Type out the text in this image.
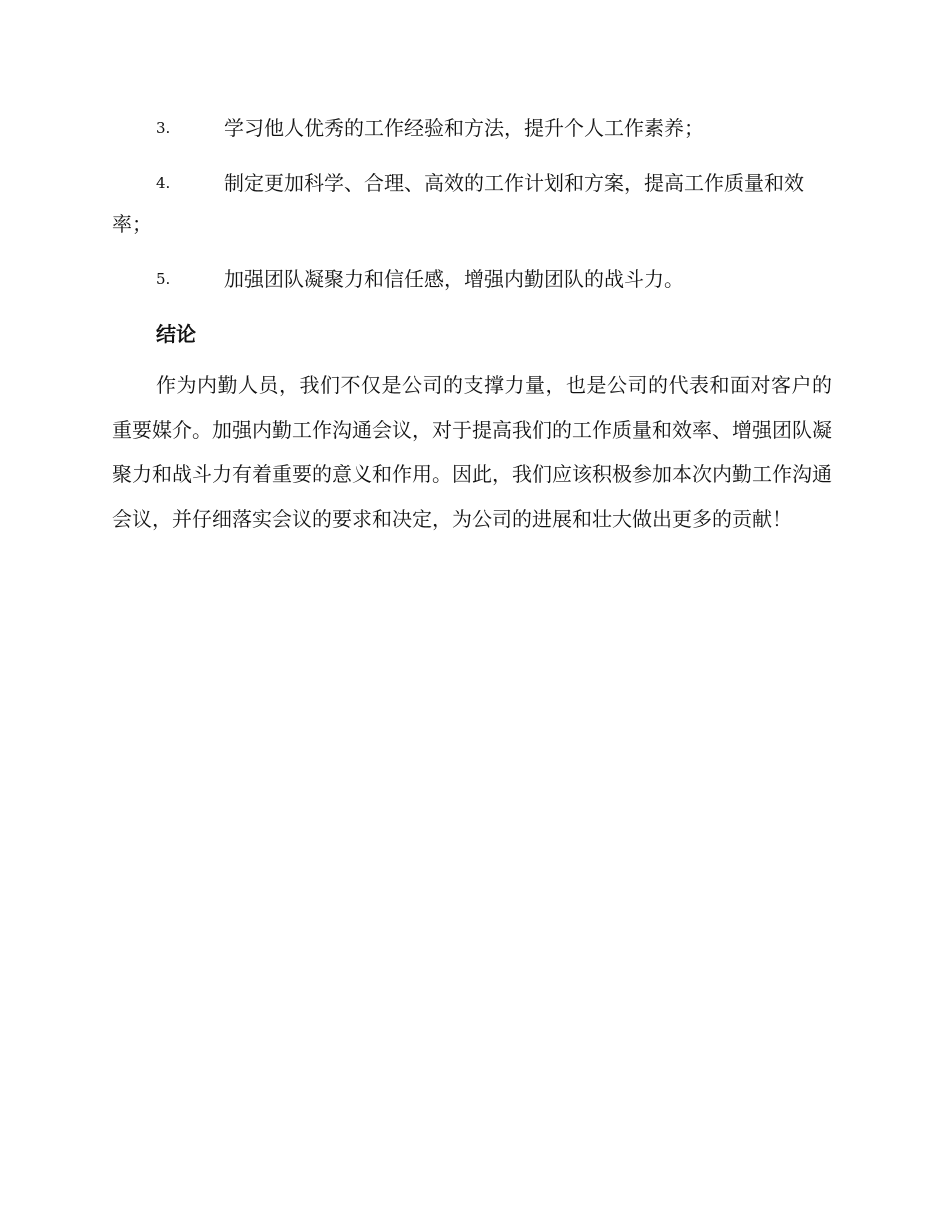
3.	学习他人优秀的工作经验和方法，提升个人工作素养；
4.	制定更加科学、合理、高效的工作计划和方案，提高工作质量和效率；
5.	加强团队凝聚力和信任感，增强内勤团队的战斗力。
结论

作为内勤人员，我们不仅是公司的支撑力量，也是公司的代表和面对客户的重要媒介。加强内勤工作沟通会议，对于提高我们的工作质量和效率、增强团队凝聚力和战斗力有着重要的意义和作用。因此，我们应该积极参加本次内勤工作沟通会议，并仔细落实会议的要求和决定，为公司的进展和壮大做出更多的贡献！
